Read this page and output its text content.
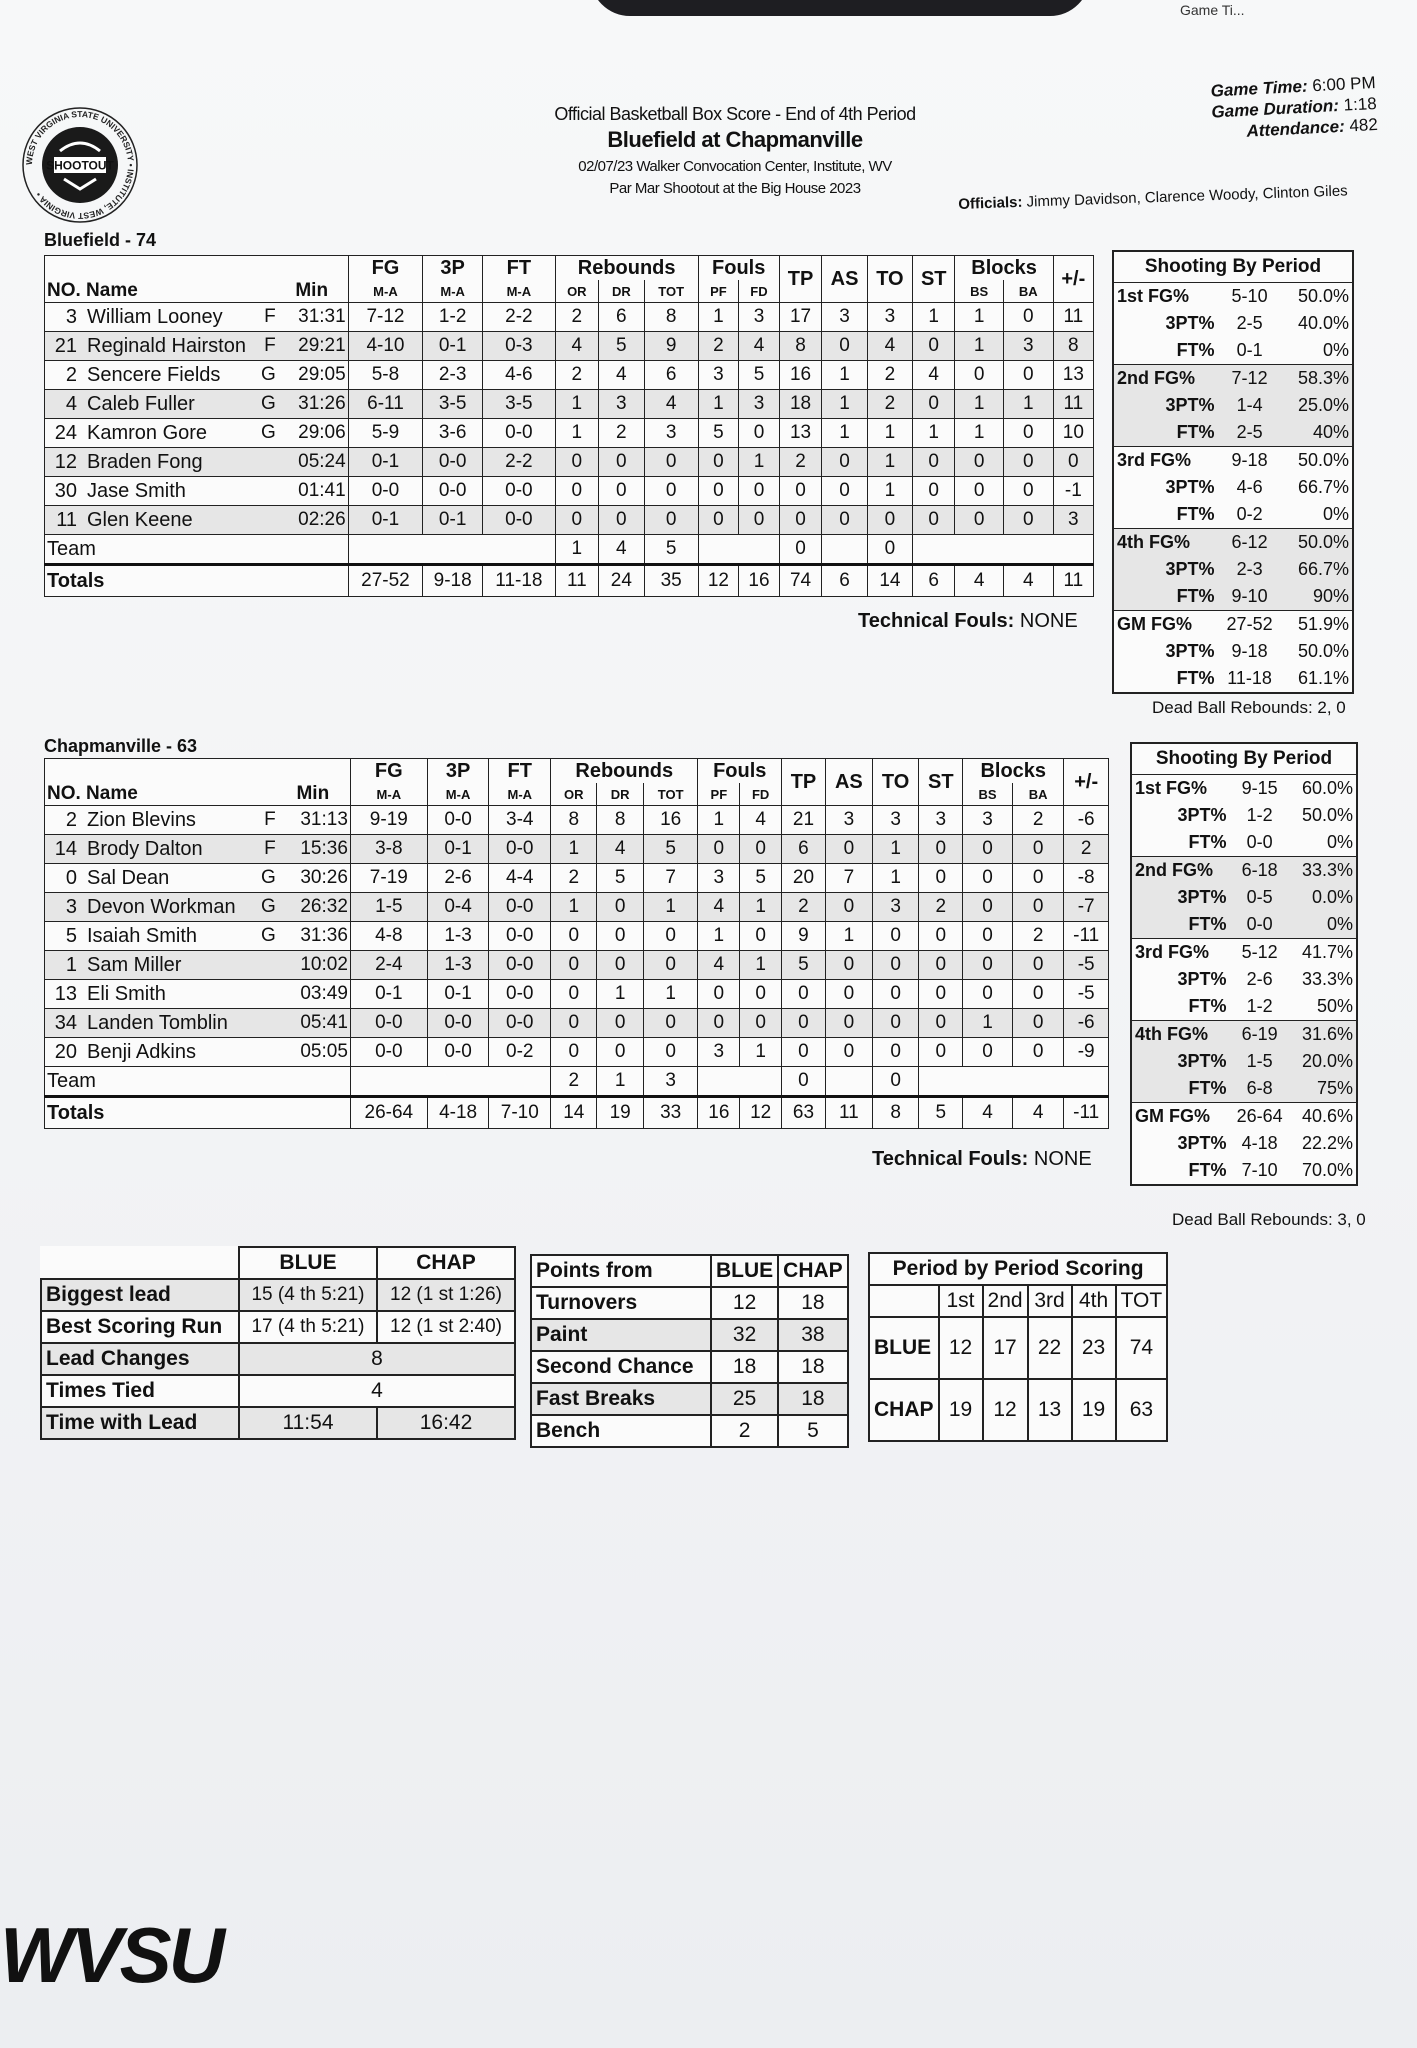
Game Ti...
WEST VIRGINIA STATE UNIVERSITY • INSTITUTE, WEST VIRGINIA •
SHOOTOUT
Official Basketball Box Score - End of 4th Period
Bluefield at Chapmanville
02/07/23 Walker Convocation Center, Institute, WV
Par Mar Shootout at the Big House 2023
Game Time: 6:00 PM
Game Duration: 1:18
Attendance: 482
Officials: Jimmy Davidson, Clarence Woody, Clinton Giles
Bluefield - 74
			FG	3P	FT	Rebounds			Fouls		TP	AS	TO	ST	Blocks		+/-
NO. Name		Min	M-A	M-A	M-A	OR	DR	TOT	PF	FD					BS	BA	
3 William Looney	F	31:31	7-12	1-2	2-2	2	6	8	1	3	17	3	3	1	1	0	11
21 Reginald Hairston	F	29:21	4-10	0-1	0-3	4	5	9	2	4	8	0	4	0	1	3	8
2 Sencere Fields	G	29:05	5-8	2-3	4-6	2	4	6	3	5	16	1	2	4	0	0	13
4 Caleb Fuller	G	31:26	6-11	3-5	3-5	1	3	4	1	3	18	1	2	0	1	1	11
24 Kamron Gore	G	29:06	5-9	3-6	0-0	1	2	3	5	0	13	1	1	1	1	0	10
12 Braden Fong		05:24	0-1	0-0	2-2	0	0	0	0	1	2	0	1	0	0	0	0
30 Jase Smith		01:41	0-0	0-0	0-0	0	0	0	0	0	0	0	1	0	0	0	-1
11 Glen Keene		02:26	0-1	0-1	0-0	0	0	0	0	0	0	0	0	0	0	0	3
Team						1	4	5			0		0				
Totals			27-52	9-18	11-18	11	24	35	12	16	74	6	14	6	4	4	11
Technical Fouls: NONE
Shooting By Period		
1st FG%	5-10	50.0%
3PT%	2-5	40.0%
FT%	0-1	0%
2nd FG%	7-12	58.3%
3PT%	1-4	25.0%
FT%	2-5	40%
3rd FG%	9-18	50.0%
3PT%	4-6	66.7%
FT%	0-2	0%
4th FG%	6-12	50.0%
3PT%	2-3	66.7%
FT%	9-10	90%
GM FG%	27-52	51.9%
3PT%	9-18	50.0%
FT%	11-18	61.1%
Dead Ball Rebounds: 2, 0
Chapmanville - 63
			FG	3P	FT	Rebounds			Fouls		TP	AS	TO	ST	Blocks		+/-
NO. Name		Min	M-A	M-A	M-A	OR	DR	TOT	PF	FD					BS	BA	
2 Zion Blevins	F	31:13	9-19	0-0	3-4	8	8	16	1	4	21	3	3	3	3	2	-6
14 Brody Dalton	F	15:36	3-8	0-1	0-0	1	4	5	0	0	6	0	1	0	0	0	2
0 Sal Dean	G	30:26	7-19	2-6	4-4	2	5	7	3	5	20	7	1	0	0	0	-8
3 Devon Workman	G	26:32	1-5	0-4	0-0	1	0	1	4	1	2	0	3	2	0	0	-7
5 Isaiah Smith	G	31:36	4-8	1-3	0-0	0	0	0	1	0	9	1	0	0	0	2	-11
1 Sam Miller		10:02	2-4	1-3	0-0	0	0	0	4	1	5	0	0	0	0	0	-5
13 Eli Smith		03:49	0-1	0-1	0-0	0	1	1	0	0	0	0	0	0	0	0	-5
34 Landen Tomblin		05:41	0-0	0-0	0-0	0	0	0	0	0	0	0	0	0	1	0	-6
20 Benji Adkins		05:05	0-0	0-0	0-2	0	0	0	3	1	0	0	0	0	0	0	-9
Team						2	1	3			0		0				
Totals			26-64	4-18	7-10	14	19	33	16	12	63	11	8	5	4	4	-11
Technical Fouls: NONE
Shooting By Period		
1st FG%	9-15	60.0%
3PT%	1-2	50.0%
FT%	0-0	0%
2nd FG%	6-18	33.3%
3PT%	0-5	0.0%
FT%	0-0	0%
3rd FG%	5-12	41.7%
3PT%	2-6	33.3%
FT%	1-2	50%
4th FG%	6-19	31.6%
3PT%	1-5	20.0%
FT%	6-8	75%
GM FG%	26-64	40.6%
3PT%	4-18	22.2%
FT%	7-10	70.0%
Dead Ball Rebounds: 3, 0
	BLUE	CHAP
Biggest lead	15 (4 th 5:21)	12 (1 st 1:26)
Best Scoring Run	17 (4 th 5:21)	12 (1 st 2:40)
Lead Changes	8	
Times Tied	4	
Time with Lead	11:54	16:42
Points from	BLUE	CHAP
Turnovers	12	18
Paint	32	38
Second Chance	18	18
Fast Breaks	25	18
Bench	2	5
Period by Period Scoring					
	1st	2nd	3rd	4th	TOT
BLUE	12	17	22	23	74
CHAP	19	12	13	19	63
WVSU
